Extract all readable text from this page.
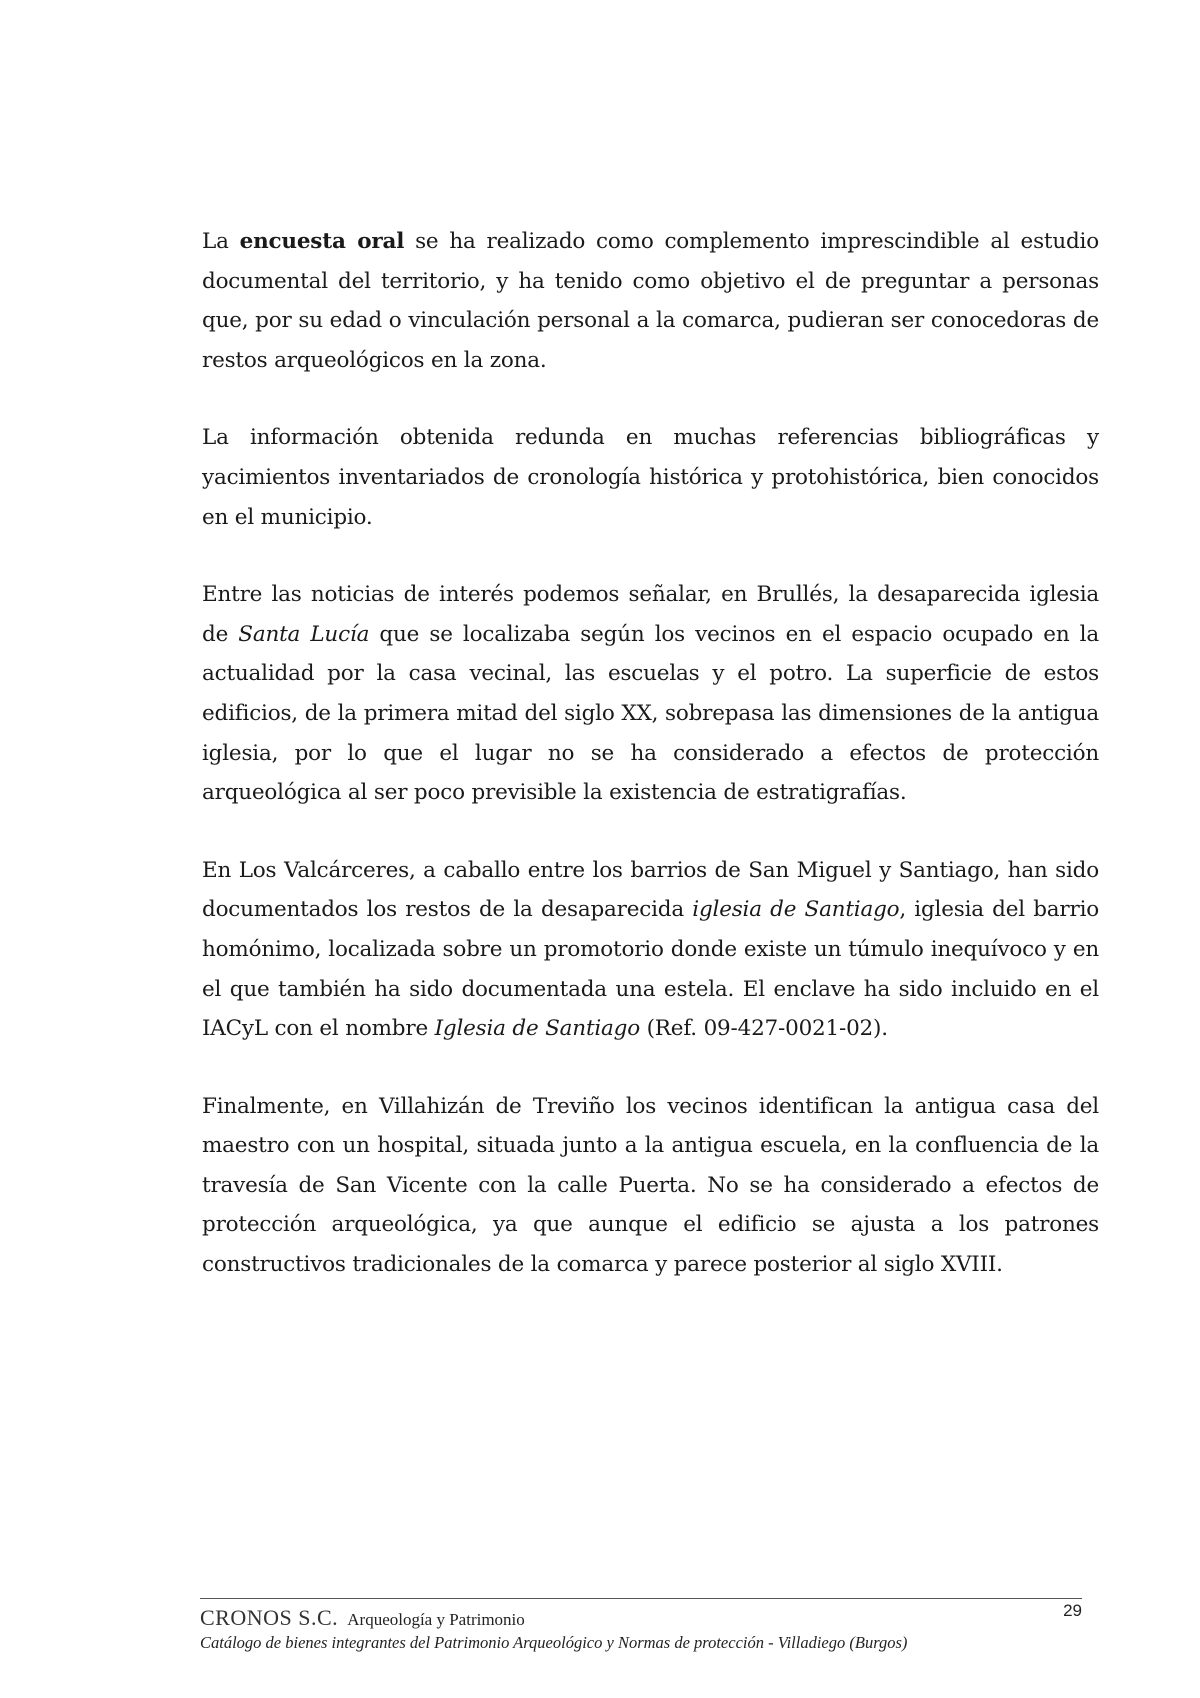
La encuesta oral se ha realizado como complemento imprescindible al estudio documental del territorio, y ha tenido como objetivo el de preguntar a personas que, por su edad o vinculación personal a la comarca, pudieran ser conocedoras de restos arqueológicos en la zona.

La información obtenida redunda en muchas referencias bibliográficas y yacimientos inventariados de cronología histórica y protohistórica, bien conocidos en el municipio.

Entre las noticias de interés podemos señalar, en Brullés, la desaparecida iglesia de Santa Lucía que se localizaba según los vecinos en el espacio ocupado en la actualidad por la casa vecinal, las escuelas y el potro. La superficie de estos edificios, de la primera mitad del siglo XX, sobrepasa las dimensiones de la antigua iglesia, por lo que el lugar no se ha considerado a efectos de protección arqueológica al ser poco previsible la existencia de estratigrafías.

En Los Valcárceres, a caballo entre los barrios de San Miguel y Santiago, han sido documentados los restos de la desaparecida iglesia de Santiago, iglesia del barrio homónimo, localizada sobre un promotorio donde existe un túmulo inequívoco y en el que también ha sido documentada una estela. El enclave ha sido incluido en el IACyL con el nombre Iglesia de Santiago (Ref. 09-427-0021-02).

Finalmente, en Villahizán de Treviño los vecinos identifican la antigua casa del maestro con un hospital, situada junto a la antigua escuela, en la confluencia de la travesía de San Vicente con la calle Puerta. No se ha considerado a efectos de protección arqueológica, ya que aunque el edificio se ajusta a los patrones constructivos tradicionales de la comarca y parece posterior al siglo XVIII.

CRONOS S.C. Arqueología y Patrimonio	29
Catálogo de bienes integrantes del Patrimonio Arqueológico y Normas de protección - Villadiego (Burgos)
